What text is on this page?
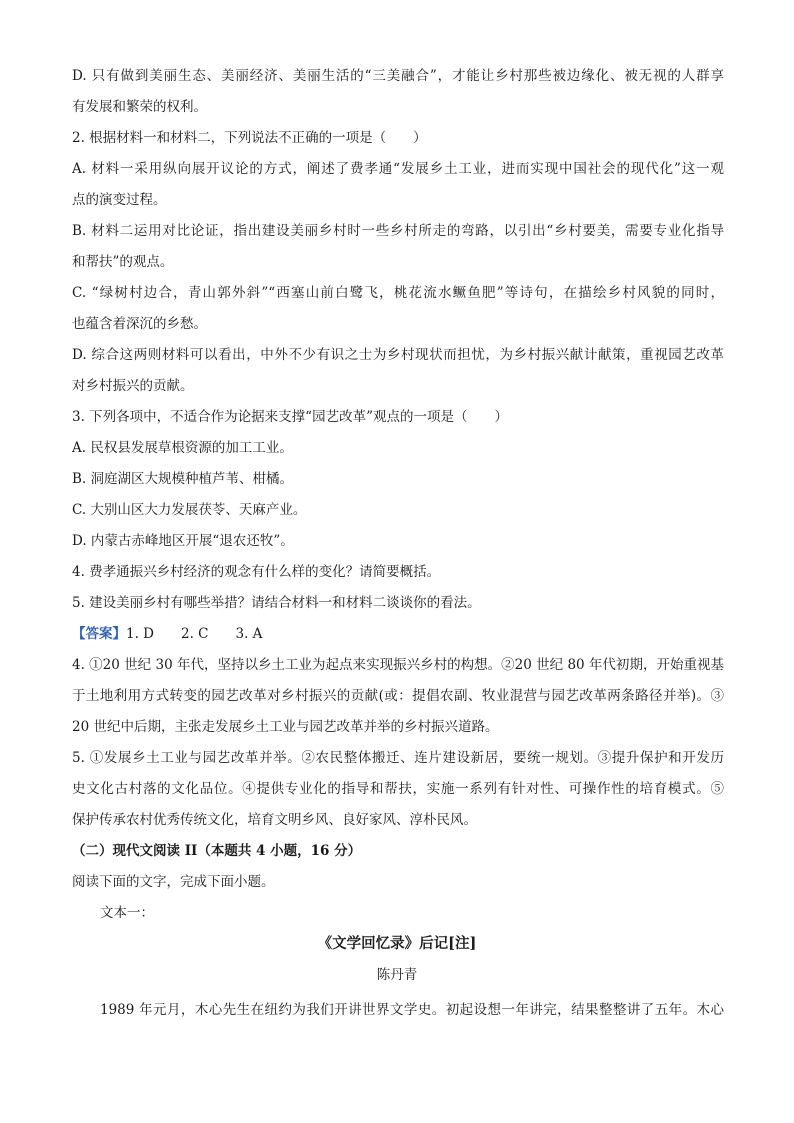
D. 只有做到美丽生态、美丽经济、美丽生活的“三美融合”，才能让乡村那些被边缘化、被无视的人群享
有发展和繁荣的权利。
2. 根据材料一和材料二，下列说法不正确的一项是（　　）
A. 材料一采用纵向展开议论的方式，阐述了费孝通“发展乡土工业，进而实现中国社会的现代化”这一观
点的演变过程。
B. 材料二运用对比论证，指出建设美丽乡村时一些乡村所走的弯路，以引出“乡村要美，需要专业化指导
和帮扶”的观点。
C. “绿树村边合，青山郭外斜”“西塞山前白鹭飞，桃花流水鳜鱼肥”等诗句，在描绘乡村风貌的同时，
也蕴含着深沉的乡愁。
D. 综合这两则材料可以看出，中外不少有识之士为乡村现状而担忧，为乡村振兴献计献策，重视园艺改革
对乡村振兴的贡献。
3. 下列各项中，不适合作为论据来支撑“园艺改革”观点的一项是（　　）
A. 民权县发展草根资源的加工工业。
B. 洞庭湖区大规模种植芦苇、柑橘。
C. 大别山区大力发展茯苓、天麻产业。
D. 内蒙古赤峰地区开展“退农还牧”。
4. 费孝通振兴乡村经济的观念有什么样的变化？请简要概括。
5. 建设美丽乡村有哪些举措？请结合材料一和材料二谈谈你的看法。
【答案】1. D　　2. C　　3. A
4. ①20 世纪 30 年代，坚持以乡土工业为起点来实现振兴乡村的构想。②20 世纪 80 年代初期，开始重视基
于土地利用方式转变的园艺改革对乡村振兴的贡献(或：提倡农副、牧业混营与园艺改革两条路径并举)。③
20 世纪中后期，主张走发展乡土工业与园艺改革并举的乡村振兴道路。
5. ①发展乡土工业与园艺改革并举。②农民整体搬迁、连片建设新居，要统一规划。③提升保护和开发历
史文化古村落的文化品位。④提供专业化的指导和帮扶，实施一系列有针对性、可操作性的培育模式。⑤
保护传承农村优秀传统文化，培育文明乡风、良好家风、淳朴民风。
（二）现代文阅读 II（本题共 4 小题，16 分）
阅读下面的文字，完成下面小题。
文本一：
《文学回忆录》后记[注]
陈丹青
1989 年元月，木心先生在纽约为我们开讲世界文学史。初起设想一年讲完，结果整整讲了五年。木心
